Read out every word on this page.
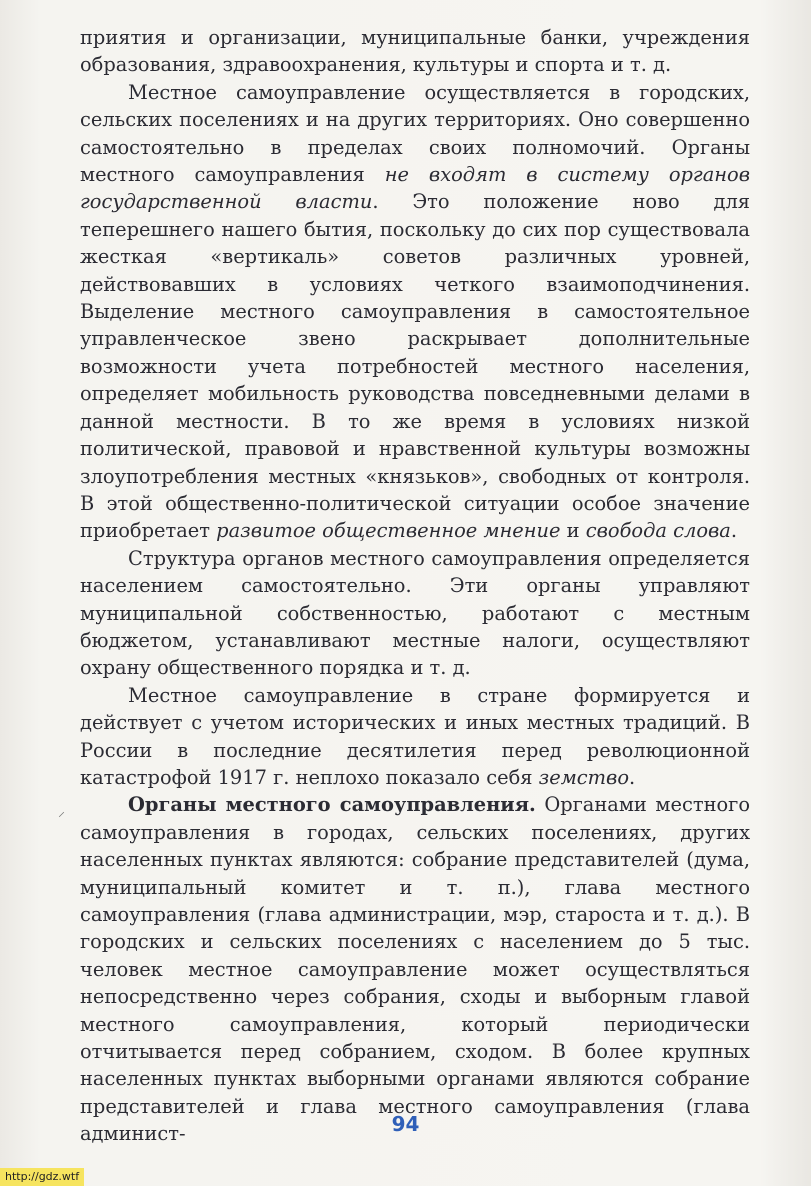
приятия и организации, муниципальные банки, учреждения образования, здравоохранения, культуры и спорта и т. д.

Местное самоуправление осуществляется в городских, сельских поселениях и на других территориях. Оно совершенно самостоятельно в пределах своих полномочий. Органы местного самоуправления не входят в систему органов государственной власти. Это положение ново для теперешнего нашего бытия, поскольку до сих пор существовала жесткая «вертикаль» советов различных уровней, действовавших в условиях четкого взаимоподчинения. Выделение местного самоуправления в самостоятельное управленческое звено раскрывает дополнительные возможности учета потребностей местного населения, определяет мобильность руководства повседневными делами в данной местности. В то же время в условиях низкой политической, правовой и нравственной культуры возможны злоупотребления местных «князьков», свободных от контроля. В этой общественно-политической ситуации особое значение приобретает развитое общественное мнение и свобода слова.

Структура органов местного самоуправления определяется населением самостоятельно. Эти органы управляют муниципальной собственностью, работают с местным бюджетом, устанавливают местные налоги, осуществляют охрану общественного порядка и т. д.

Местное самоуправление в стране формируется и действует с учетом исторических и иных местных традиций. В России в последние десятилетия перед революционной катастрофой 1917 г. неплохо показало себя земство.

Органы местного самоуправления. Органами местного самоуправления в городах, сельских поселениях, других населенных пунктах являются: собрание представителей (дума, муниципальный комитет и т. п.), глава местного самоуправления (глава администрации, мэр, староста и т. д.). В городских и сельских поселениях с населением до 5 тыс. человек местное самоуправление может осуществляться непосредственно через собрания, сходы и выборным главой местного самоуправления, который периодически отчитывается перед собранием, сходом. В более крупных населенных пунктах выборными органами являются собрание представителей и глава местного самоуправления (глава админист-

⸝
94
http://gdz.wtf
